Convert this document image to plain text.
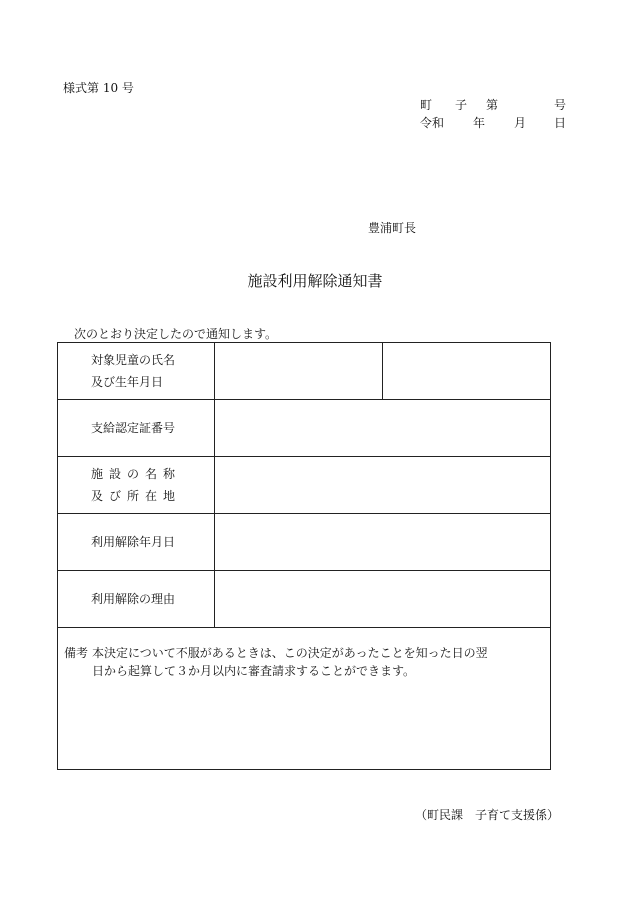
様式第 10 号
町 子 第	号
令和 年 月 日
豊浦町長
施設利用解除通知書
次のとおり決定したので通知します。
対象児童の氏名
及び生年月日		

支給認定証番号		

施設の名称
及び所在地		

利用解除年月日		

利用解除の理由		

備考 本決定について不服があるときは、この決定があったことを知った日の翌
日から起算して３か月以内に審査請求することができます。		
（町民課　子育て支援係）
